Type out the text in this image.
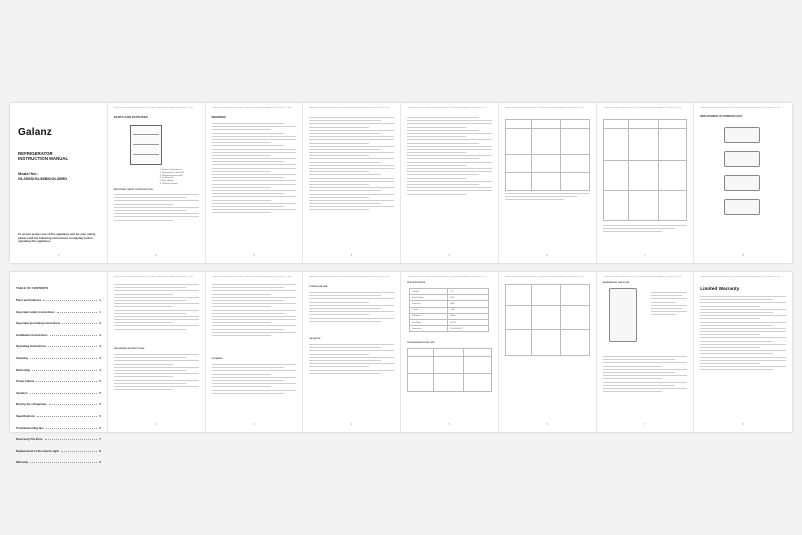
Galanz
REFRIGERATOR
INSTRUCTION MANUAL
Model No.:
GL35SS/GL35BK/GL35RD
To ensure proper use of this appliance and for your safety, please read the following instructions completely before operating this appliance.
Galanz GL35S/GL35BK/GL35RD Use and Care Manual August 2018 ENG 0.1 R3
PARTS AND FEATURES
1. Freezer Compartment
2. Temperature control dial
3. Refrigerator glass shelf
4. Leveling feet
5. Door shelves
6. Tall bottle storage
IMPORTANT SAFETY INSTRUCTIONS
2
Galanz GL35S/GL35BK/GL35RD Use and Care Manual August 2018 ENG 0.1 R3
WARNING
3
Galanz GL35S/GL35BK/GL35RD Use and Care Manual August 2018 ENG 0.1 R3
4
Galanz GL35S/GL35BK/GL35RD Use and Care Manual August 2018 ENG 0.1 R3
5
Galanz GL35S/GL35BK/GL35RD Use and Care Manual August 2018 ENG 0.1 R3
6
Galanz GL35S/GL35BK/GL35RD Use and Care Manual August 2018 ENG 0.1 R3
7
Galanz GL35S/GL35BK/GL35RD Use and Care Manual August 2018 ENG 0.1 R3
REPLACEMENT OF INTERIOR LIGHT
8
TABLE OF CONTENTS
Parts and Features	1
Important safety instructions	1
Important grounding instructions	2
Installation Instructions	3
Operating Instructions	3
Cleaning	4
Defrosting	4
Power Failure	5
Vacation	5
Moving the refrigerator	5
Specifications	6
Troubleshooting tips	6
Reversing The Door	7
Replacement of the interior light	8
Warranty	9
Galanz GL35S/GL35BK/GL35RD Use and Care Manual August 2018 ENG 0.1 R3
GROUNDING INSTRUCTIONS
2
Galanz GL35S/GL35BK/GL35RD Use and Care Manual August 2018 ENG 0.1 R3
CLEANING
3
Galanz GL35S/GL35BK/GL35RD Use and Care Manual August 2018 ENG 0.1 R3
POWER FAILURE
VACATION
4
Galanz GL35S/GL35BK/GL35RD Use and Care Manual August 2018 ENG 0.1 R3
SPECIFICATIONS
Capacity	3.5
Rated Voltage	115V
Frequency	60Hz
Current	1.2A
Refrigerant	R600a
Net Weight	44.1 lb
Dimensions	18.6x19.4x33.5
TROUBLESHOOTING TIPS
5
Galanz GL35S/GL35BK/GL35RD Use and Care Manual August 2018 ENG 0.1 R3
6
Galanz GL35S/GL35BK/GL35RD Use and Care Manual August 2018 ENG 0.1 R3
ASSEMBLING THE DOOR
7
Galanz GL35S/GL35BK/GL35RD Use and Care Manual August 2018 ENG 0.1 R3
Limited Warranty
8
1
